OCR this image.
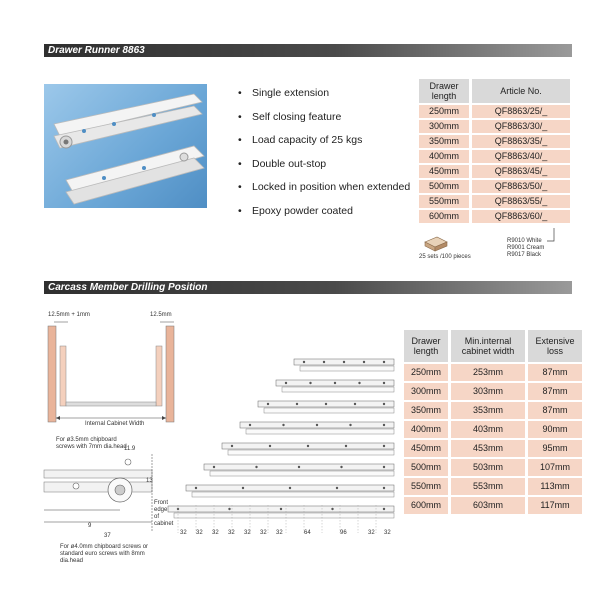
Drawer Runner 8863
• Single extension
• Self closing feature
• Load capacity of 25 kgs
• Double out-stop
• Locked in position when extended
• Epoxy powder coated
Drawer length		Article No.
250mm		QF8863/25/_
300mm		QF8863/30/_
350mm		QF8863/35/_
400mm		QF8863/40/_
450mm		QF8863/45/_
500mm		QF8863/50/_
550mm		QF8863/55/_
600mm		QF8863/60/_
25 sets /100 pieces
R9010 White
R9001 Cream
R9017 Black
Carcass Member Drilling Position
12.5mm + 1mm	12.5mm
Internal Cabinet Width
For ø3.5mm chipboard screws with 7mm dia.head
11.9
13
9
37
Front edge of cabinet
For ø4.0mm chipboard screws or standard euro screws with 8mm dia.head
32 32 32 32 32 32 32	64	96	32 32
Drawer length		Min.internal cabinet width		Extensive loss
250mm		253mm		87mm
300mm		303mm		87mm
350mm		353mm		87mm
400mm		403mm		90mm
450mm		453mm		95mm
500mm		503mm		107mm
550mm		553mm		113mm
600mm		603mm		117mm
